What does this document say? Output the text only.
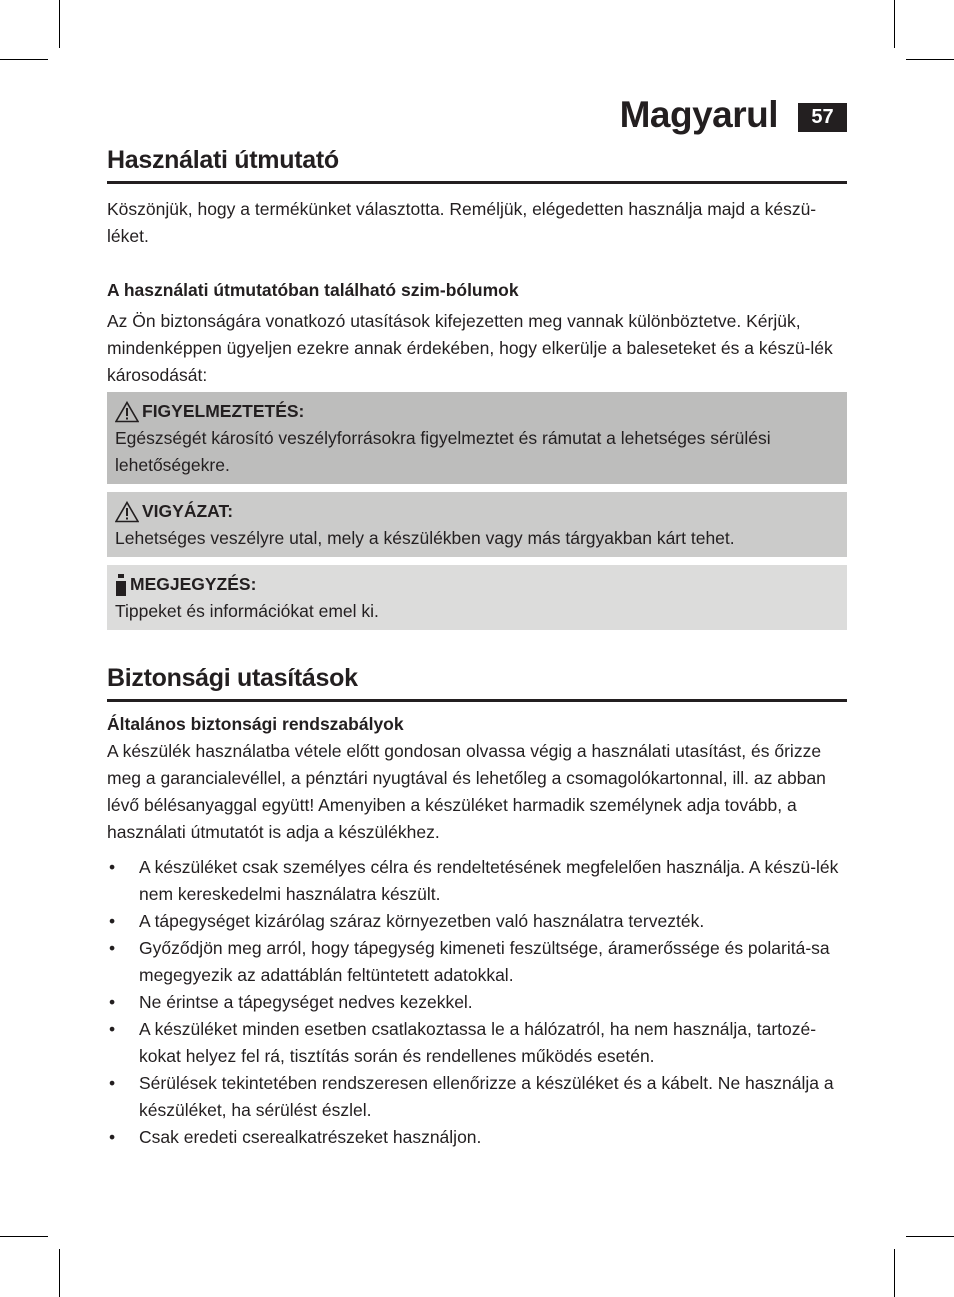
Magyarul	57
Használati útmutató

Köszönjük, hogy a termékünket választotta. Reméljük, elégedetten használja majd a készü-léket.

A használati útmutatóban található szim-bólumok

Az Ön biztonságára vonatkozó utasítások kifejezetten meg vannak különböztetve. Kérjük, mindenképpen ügyeljen ezekre annak érdekében, hogy elkerülje a baleseteket és a készü-lék károsodását:

FIGYELMEZTETÉS:

Egészségét károsító veszélyforrásokra figyelmeztet és rámutat a lehetséges sérülési lehetőségekre.

VIGYÁZAT:

Lehetséges veszélyre utal, mely a készülékben vagy más tárgyakban kárt tehet.

MEGJEGYZÉS:

Tippeket és információkat emel ki.

Biztonsági utasítások
Általános biztonsági rendszabályok

A készülék használatba vétele előtt gondosan olvassa végig a használati utasítást, és őrizze meg a garancialevéllel, a pénztári nyugtával és lehetőleg a csomagolókartonnal, ill. az abban lévő bélésanyaggal együtt! Amenyiben a készüléket harmadik személynek adja tovább, a használati útmutatót is adja a készülékhez.

• A készüléket csak személyes célra és rendeltetésének megfelelően használja. A készü-lék nem kereskedelmi használatra készült.
• A tápegységet kizárólag száraz környezetben való használatra tervezték.
• Győződjön meg arról, hogy tápegység kimeneti feszültsége, áramerőssége és polaritá-sa megegyezik az adattáblán feltüntetett adatokkal.
• Ne érintse a tápegységet nedves kezekkel.
• A készüléket minden esetben csatlakoztassa le a hálózatról, ha nem használja, tartozé-kokat helyez fel rá, tisztítás során és rendellenes működés esetén.
• Sérülések tekintetében rendszeresen ellenőrizze a készüléket és a kábelt. Ne használja a készüléket, ha sérülést észlel.
• Csak eredeti cserealkatrészeket használjon.
